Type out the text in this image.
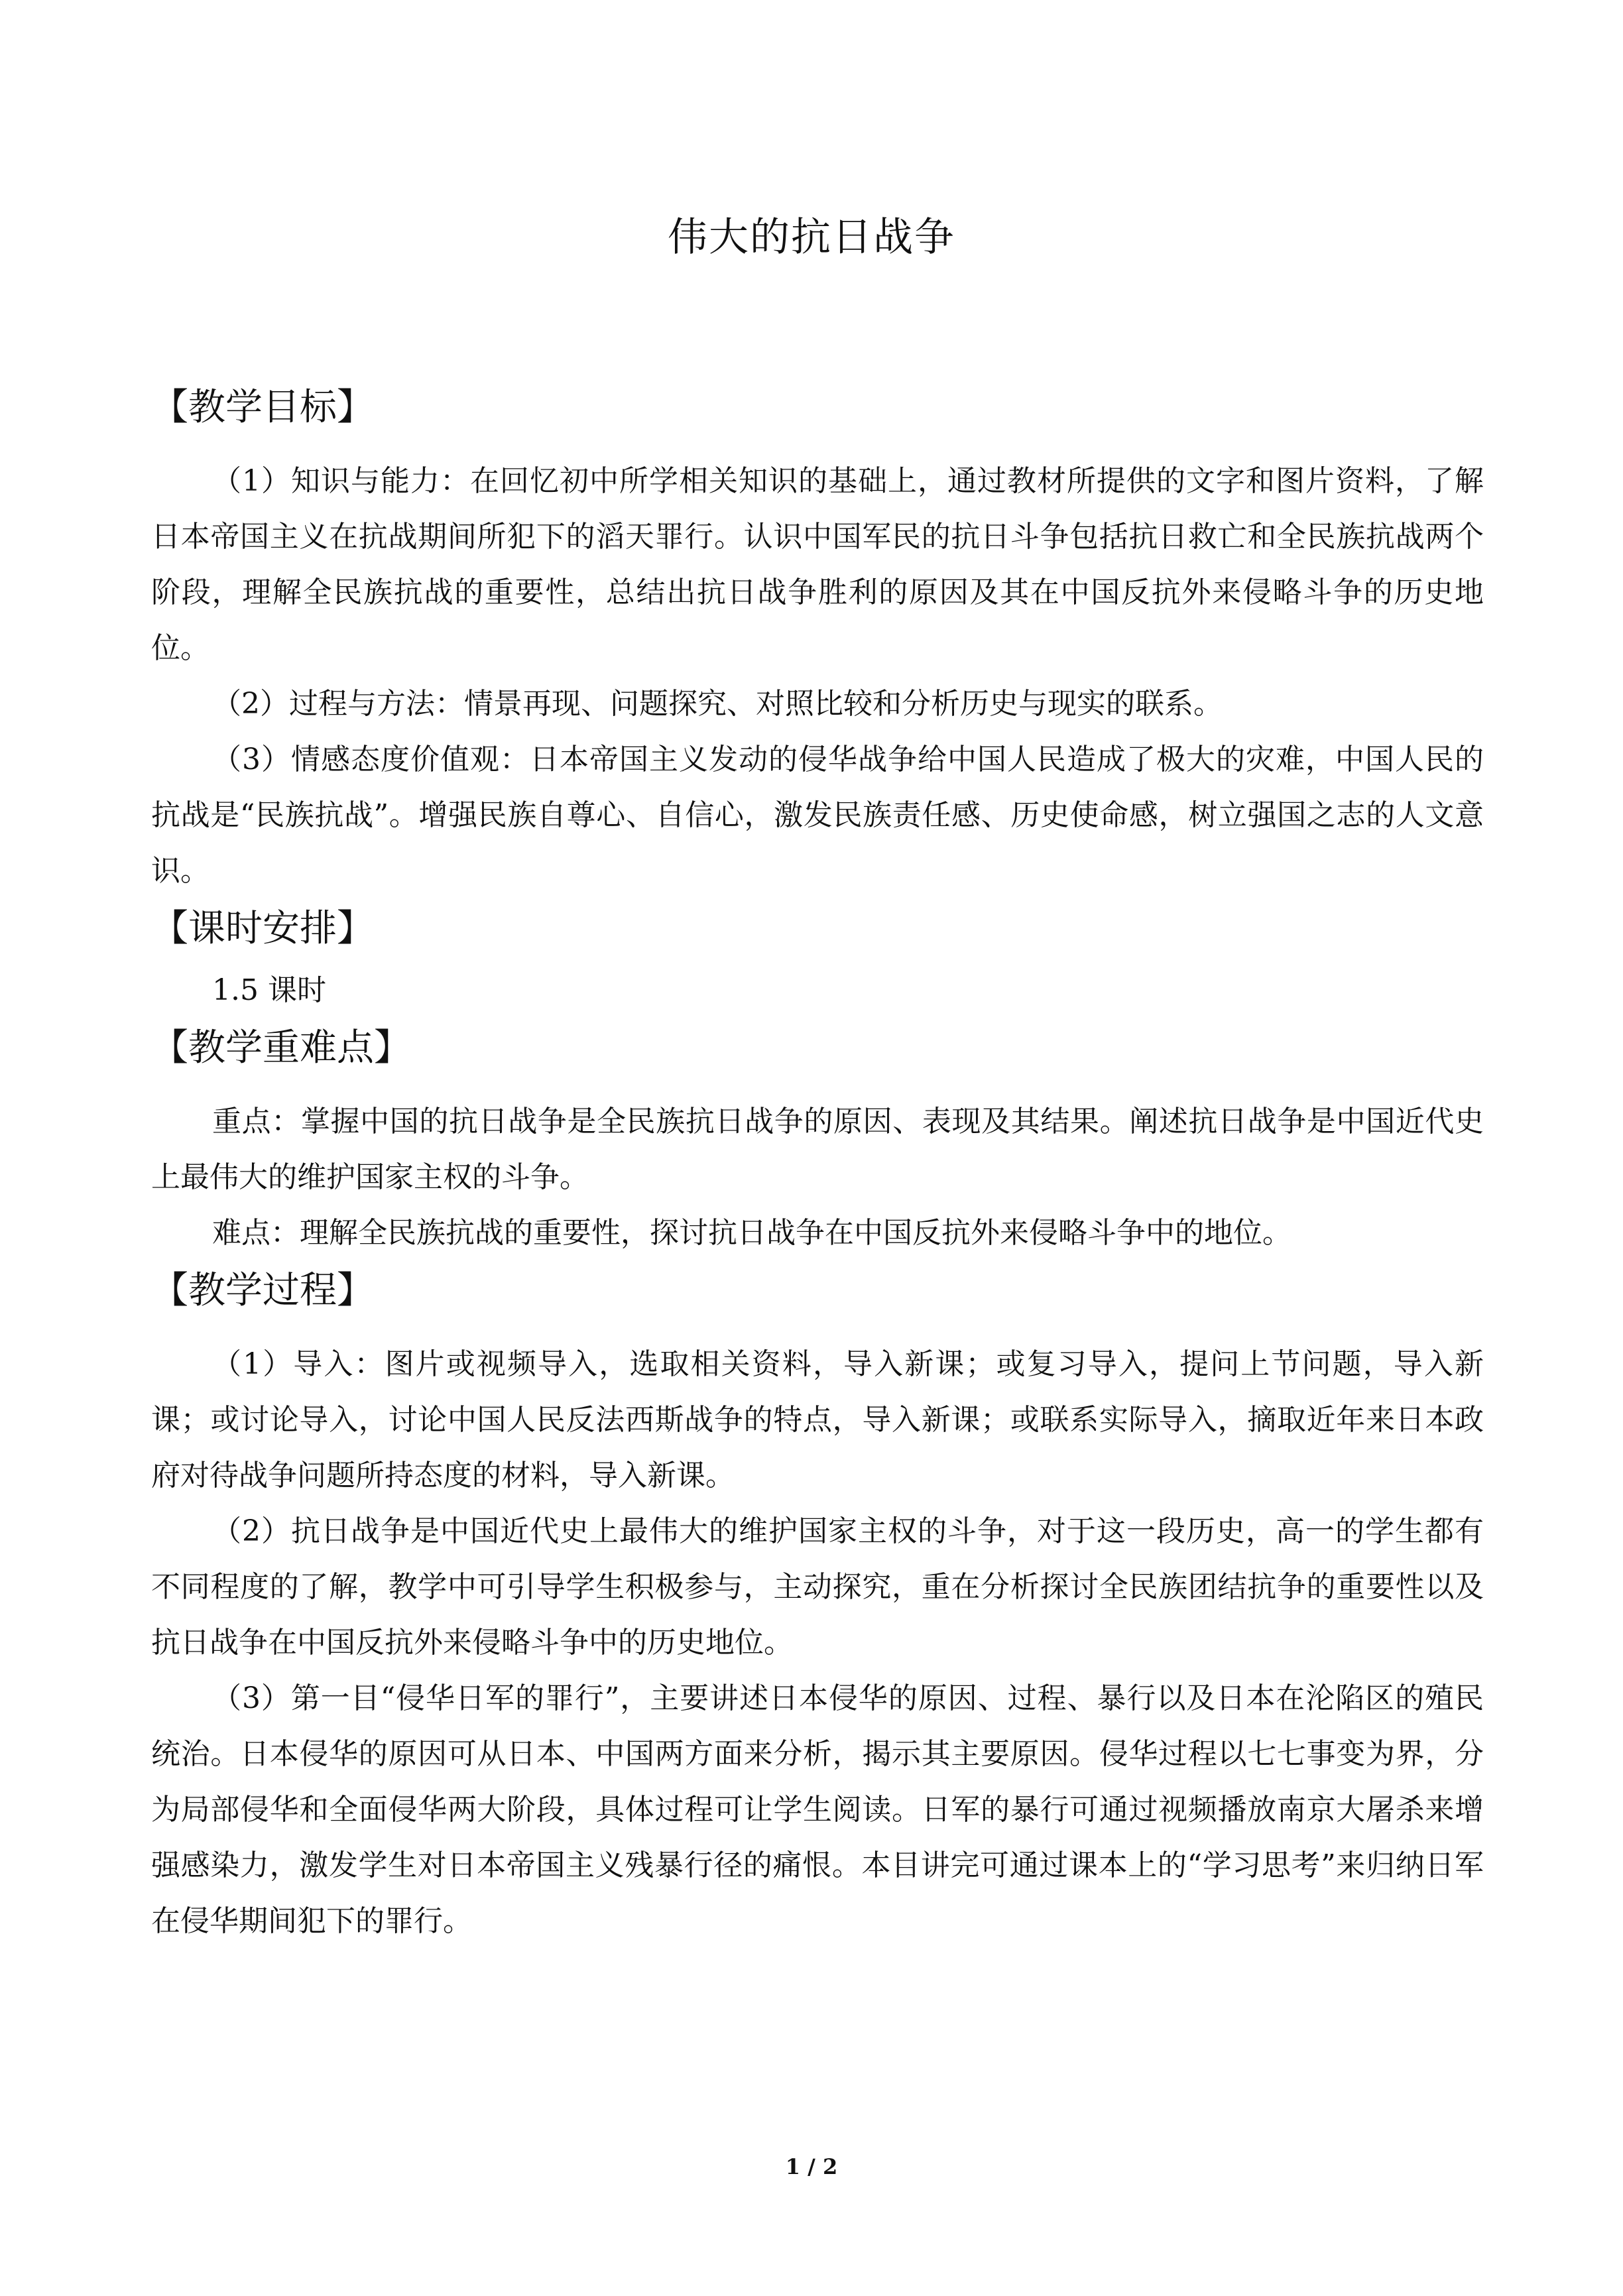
伟大的抗日战争
【教学目标】

（1）知识与能力：在回忆初中所学相关知识的基础上，通过教材所提供的文字和图片资料，了解日本帝国主义在抗战期间所犯下的滔天罪行。认识中国军民的抗日斗争包括抗日救亡和全民族抗战两个阶段，理解全民族抗战的重要性，总结出抗日战争胜利的原因及其在中国反抗外来侵略斗争的历史地位。

（2）过程与方法：情景再现、问题探究、对照比较和分析历史与现实的联系。

（3）情感态度价值观：日本帝国主义发动的侵华战争给中国人民造成了极大的灾难，中国人民的抗战是“民族抗战”。增强民族自尊心、自信心，激发民族责任感、历史使命感，树立强国之志的人文意识。

【课时安排】

1.5 课时

【教学重难点】

重点：掌握中国的抗日战争是全民族抗日战争的原因、表现及其结果。阐述抗日战争是中国近代史上最伟大的维护国家主权的斗争。

难点：理解全民族抗战的重要性，探讨抗日战争在中国反抗外来侵略斗争中的地位。

【教学过程】

（1）导入：图片或视频导入，选取相关资料，导入新课；或复习导入，提问上节问题，导入新课；或讨论导入，讨论中国人民反法西斯战争的特点，导入新课；或联系实际导入，摘取近年来日本政府对待战争问题所持态度的材料，导入新课。

（2）抗日战争是中国近代史上最伟大的维护国家主权的斗争，对于这一段历史，高一的学生都有不同程度的了解，教学中可引导学生积极参与，主动探究，重在分析探讨全民族团结抗争的重要性以及抗日战争在中国反抗外来侵略斗争中的历史地位。

（3）第一目“侵华日军的罪行”，主要讲述日本侵华的原因、过程、暴行以及日本在沦陷区的殖民统治。日本侵华的原因可从日本、中国两方面来分析，揭示其主要原因。侵华过程以七七事变为界，分为局部侵华和全面侵华两大阶段，具体过程可让学生阅读。日军的暴行可通过视频播放南京大屠杀来增强感染力，激发学生对日本帝国主义残暴行径的痛恨。本目讲完可通过课本上的“学习思考”来归纳日军在侵华期间犯下的罪行。

1 / 2
